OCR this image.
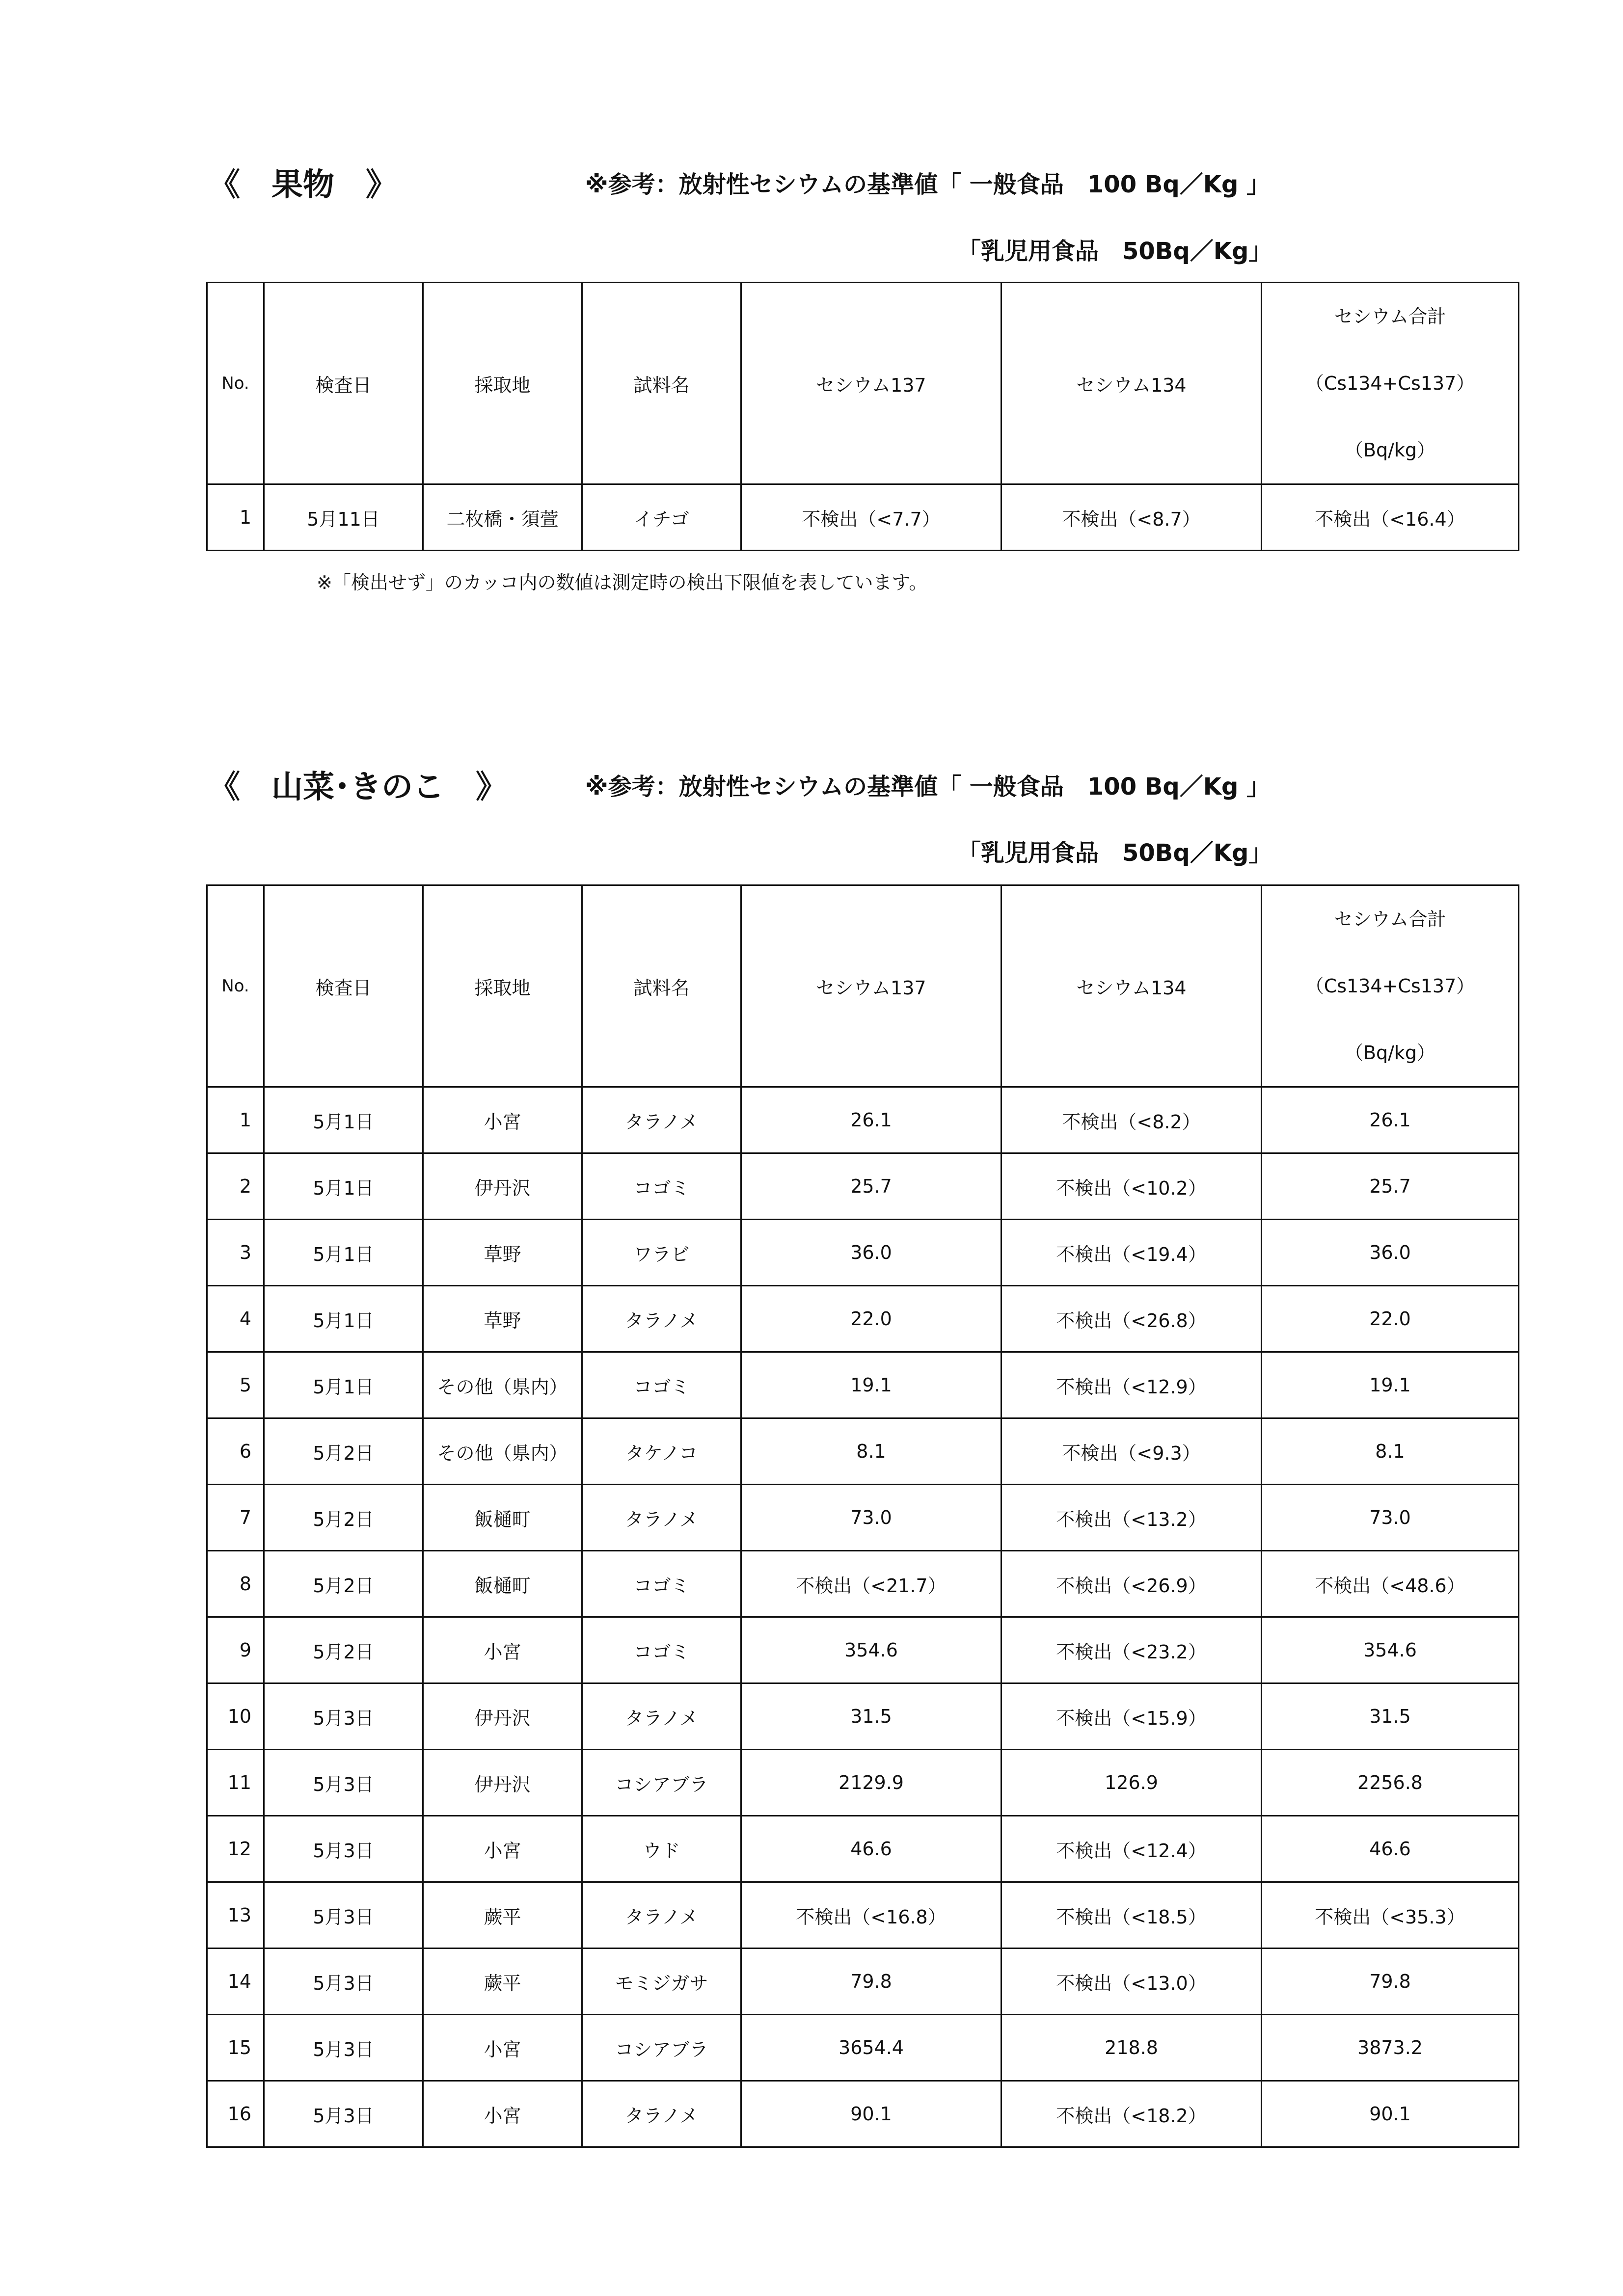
《　果物　》	※参考：放射性セシウムの基準値「 一般食品　100 Bq／Kg 」
「乳児用食品　50Bq／Kg」
No.	検査日	採取地	試料名	セシウム137	セシウム134	セシウム合計
（Cs134+Cs137）
（Bq/kg）

1	5月11日	二枚橋・須萱	イチゴ	不検出（<7.7）	不検出（<8.7）	不検出（<16.4）
※「検出せず」のカッコ内の数値は測定時の検出下限値を表しています。
《　山菜･きのこ　》	※参考：放射性セシウムの基準値「 一般食品　100 Bq／Kg 」
「乳児用食品　50Bq／Kg」
No.	検査日	採取地	試料名	セシウム137	セシウム134	セシウム合計
（Cs134+Cs137）
（Bq/kg）

1	5月1日	小宮	タラノメ	26.1	不検出（<8.2）	26.1
2	5月1日	伊丹沢	コゴミ	25.7	不検出（<10.2）	25.7
3	5月1日	草野	ワラビ	36.0	不検出（<19.4）	36.0
4	5月1日	草野	タラノメ	22.0	不検出（<26.8）	22.0
5	5月1日	その他（県内）	コゴミ	19.1	不検出（<12.9）	19.1
6	5月2日	その他（県内）	タケノコ	8.1	不検出（<9.3）	8.1
7	5月2日	飯樋町	タラノメ	73.0	不検出（<13.2）	73.0
8	5月2日	飯樋町	コゴミ	不検出（<21.7）	不検出（<26.9）	不検出（<48.6）
9	5月2日	小宮	コゴミ	354.6	不検出（<23.2）	354.6
10	5月3日	伊丹沢	タラノメ	31.5	不検出（<15.9）	31.5
11	5月3日	伊丹沢	コシアブラ	2129.9	126.9	2256.8
12	5月3日	小宮	ウド	46.6	不検出（<12.4）	46.6
13	5月3日	蕨平	タラノメ	不検出（<16.8）	不検出（<18.5）	不検出（<35.3）
14	5月3日	蕨平	モミジガサ	79.8	不検出（<13.0）	79.8
15	5月3日	小宮	コシアブラ	3654.4	218.8	3873.2
16	5月3日	小宮	タラノメ	90.1	不検出（<18.2）	90.1
